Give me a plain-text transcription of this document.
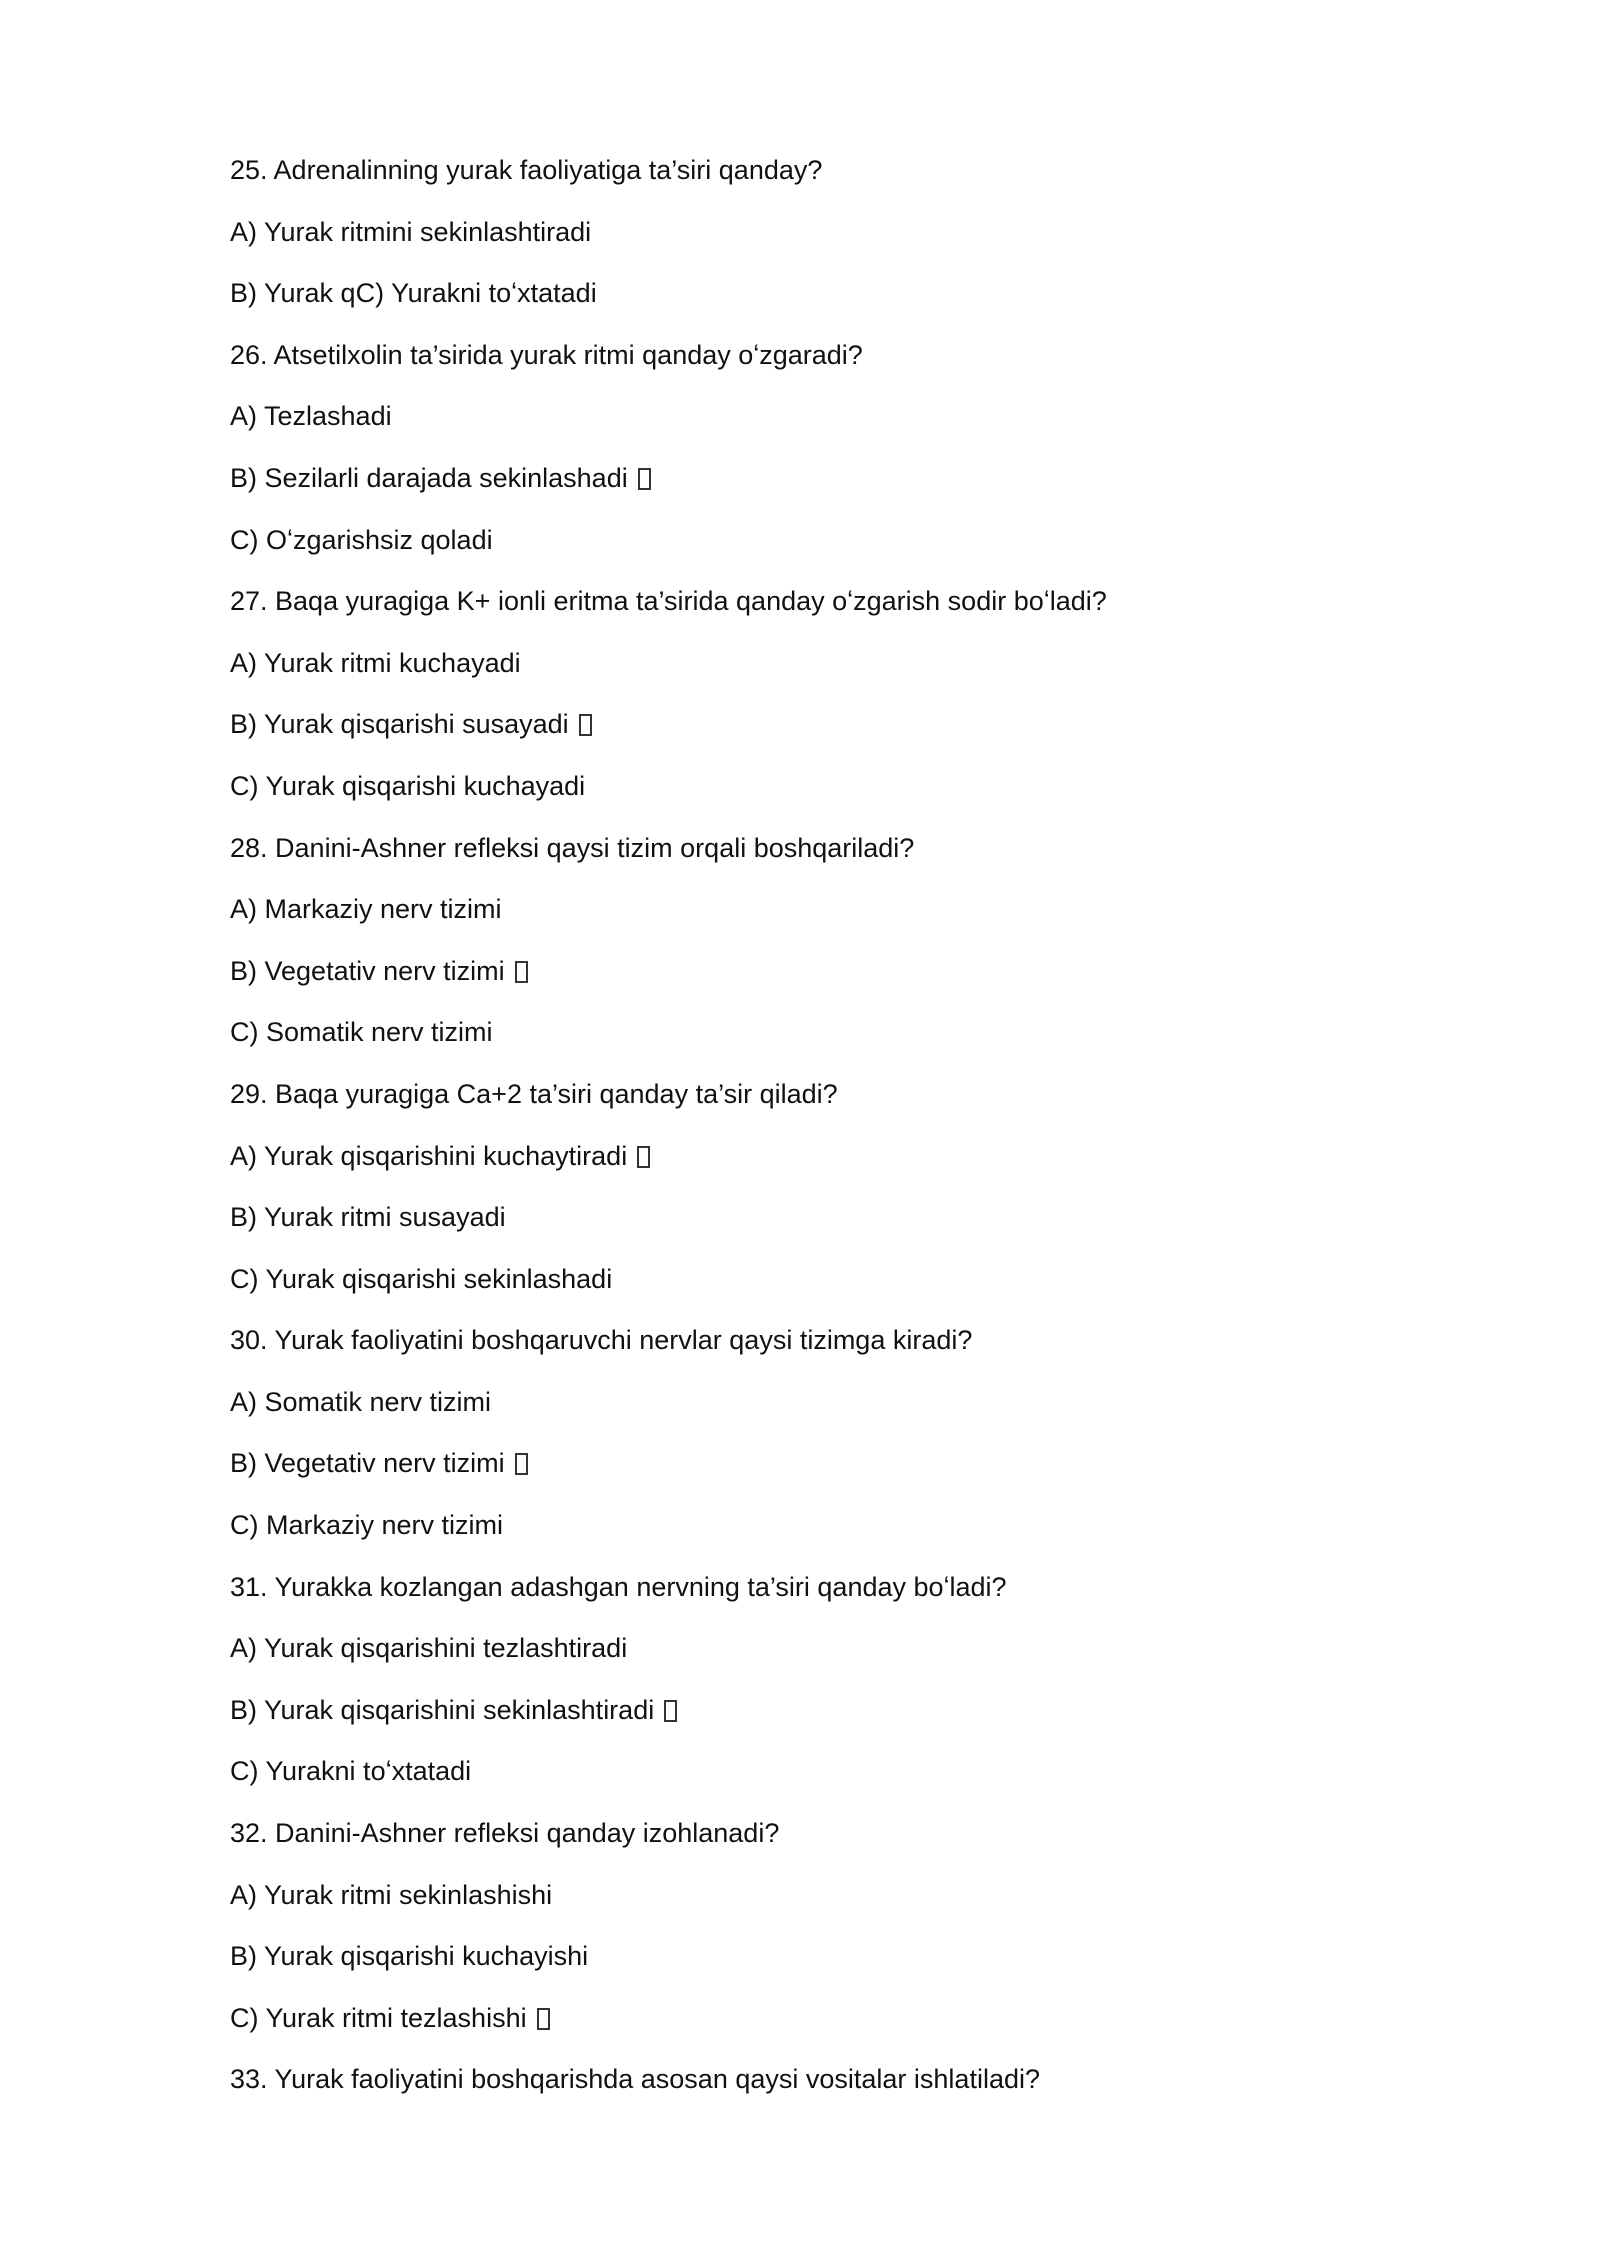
25. Adrenalinning yurak faoliyatiga ta’siri qanday?
A) Yurak ritmini sekinlashtiradi
B) Yurak qC) Yurakni toʻxtatadi
26. Atsetilxolin ta’sirida yurak ritmi qanday oʻzgaradi?
A) Tezlashadi
B) Sezilarli darajada sekinlashadi
C) Oʻzgarishsiz qoladi
27. Baqa yuragiga K+ ionli eritma ta’sirida qanday oʻzgarish sodir boʻladi?
A) Yurak ritmi kuchayadi
B) Yurak qisqarishi susayadi
C) Yurak qisqarishi kuchayadi
28. Danini-Ashner refleksi qaysi tizim orqali boshqariladi?
A) Markaziy nerv tizimi
B) Vegetativ nerv tizimi
C) Somatik nerv tizimi
29. Baqa yuragiga Ca+2 ta’siri qanday ta’sir qiladi?
A) Yurak qisqarishini kuchaytiradi
B) Yurak ritmi susayadi
C) Yurak qisqarishi sekinlashadi
30. Yurak faoliyatini boshqaruvchi nervlar qaysi tizimga kiradi?
A) Somatik nerv tizimi
B) Vegetativ nerv tizimi
C) Markaziy nerv tizimi
31. Yurakka kozlangan adashgan nervning ta’siri qanday boʻladi?
A) Yurak qisqarishini tezlashtiradi
B) Yurak qisqarishini sekinlashtiradi
C) Yurakni toʻxtatadi
32. Danini-Ashner refleksi qanday izohlanadi?
A) Yurak ritmi sekinlashishi
B) Yurak qisqarishi kuchayishi
C) Yurak ritmi tezlashishi
33. Yurak faoliyatini boshqarishda asosan qaysi vositalar ishlatiladi?
